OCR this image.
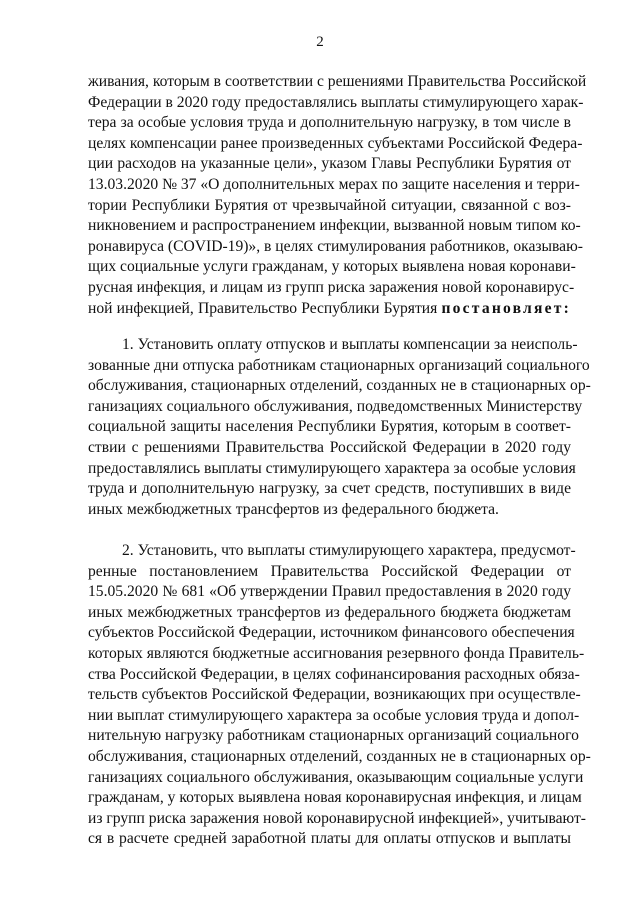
2
живания, которым в соответствии с решениями Правительства Российской
Федерации в 2020 году предоставлялись выплаты стимулирующего харак-
тера за особые условия труда и дополнительную нагрузку, в том числе в
целях компенсации ранее произведенных субъектами Российской Федера-
ции расходов на указанные цели», указом Главы Республики Бурятия от
13.03.2020 № 37 «О дополнительных мерах по защите населения и терри-
тории Республики Бурятия от чрезвычайной ситуации, связанной с воз-
никновением и распространением инфекции, вызванной новым типом ко-
ронавируса (COVID-19)», в целях стимулирования работников, оказываю-
щих социальные услуги гражданам, у которых выявлена новая коронави-
русная инфекция, и лицам из групп риска заражения новой коронавирус-
ной инфекцией, Правительство Республики Бурятия постановляет:
1. Установить оплату отпусков и выплаты компенсации за неисполь-
зованные дни отпуска работникам стационарных организаций социального
обслуживания, стационарных отделений, созданных не в стационарных ор-
ганизациях социального обслуживания, подведомственных Министерству
социальной защиты населения Республики Бурятия, которым в соответ-
ствии с решениями Правительства Российской Федерации в 2020 году
предоставлялись выплаты стимулирующего характера за особые условия
труда и дополнительную нагрузку, за счет средств, поступивших в виде
иных межбюджетных трансфертов из федерального бюджета.
2. Установить, что выплаты стимулирующего характера, предусмот-
ренные постановлением Правительства Российской Федерации от
15.05.2020 № 681 «Об утверждении Правил предоставления в 2020 году
иных межбюджетных трансфертов из федерального бюджета бюджетам
субъектов Российской Федерации, источником финансового обеспечения
которых являются бюджетные ассигнования резервного фонда Правитель-
ства Российской Федерации, в целях софинансирования расходных обяза-
тельств субъектов Российской Федерации, возникающих при осуществле-
нии выплат стимулирующего характера за особые условия труда и допол-
нительную нагрузку работникам стационарных организаций социального
обслуживания, стационарных отделений, созданных не в стационарных ор-
ганизациях социального обслуживания, оказывающим социальные услуги
гражданам, у которых выявлена новая коронавирусная инфекция, и лицам
из групп риска заражения новой коронавирусной инфекцией», учитывают-
ся в расчете средней заработной платы для оплаты отпусков и выплаты
